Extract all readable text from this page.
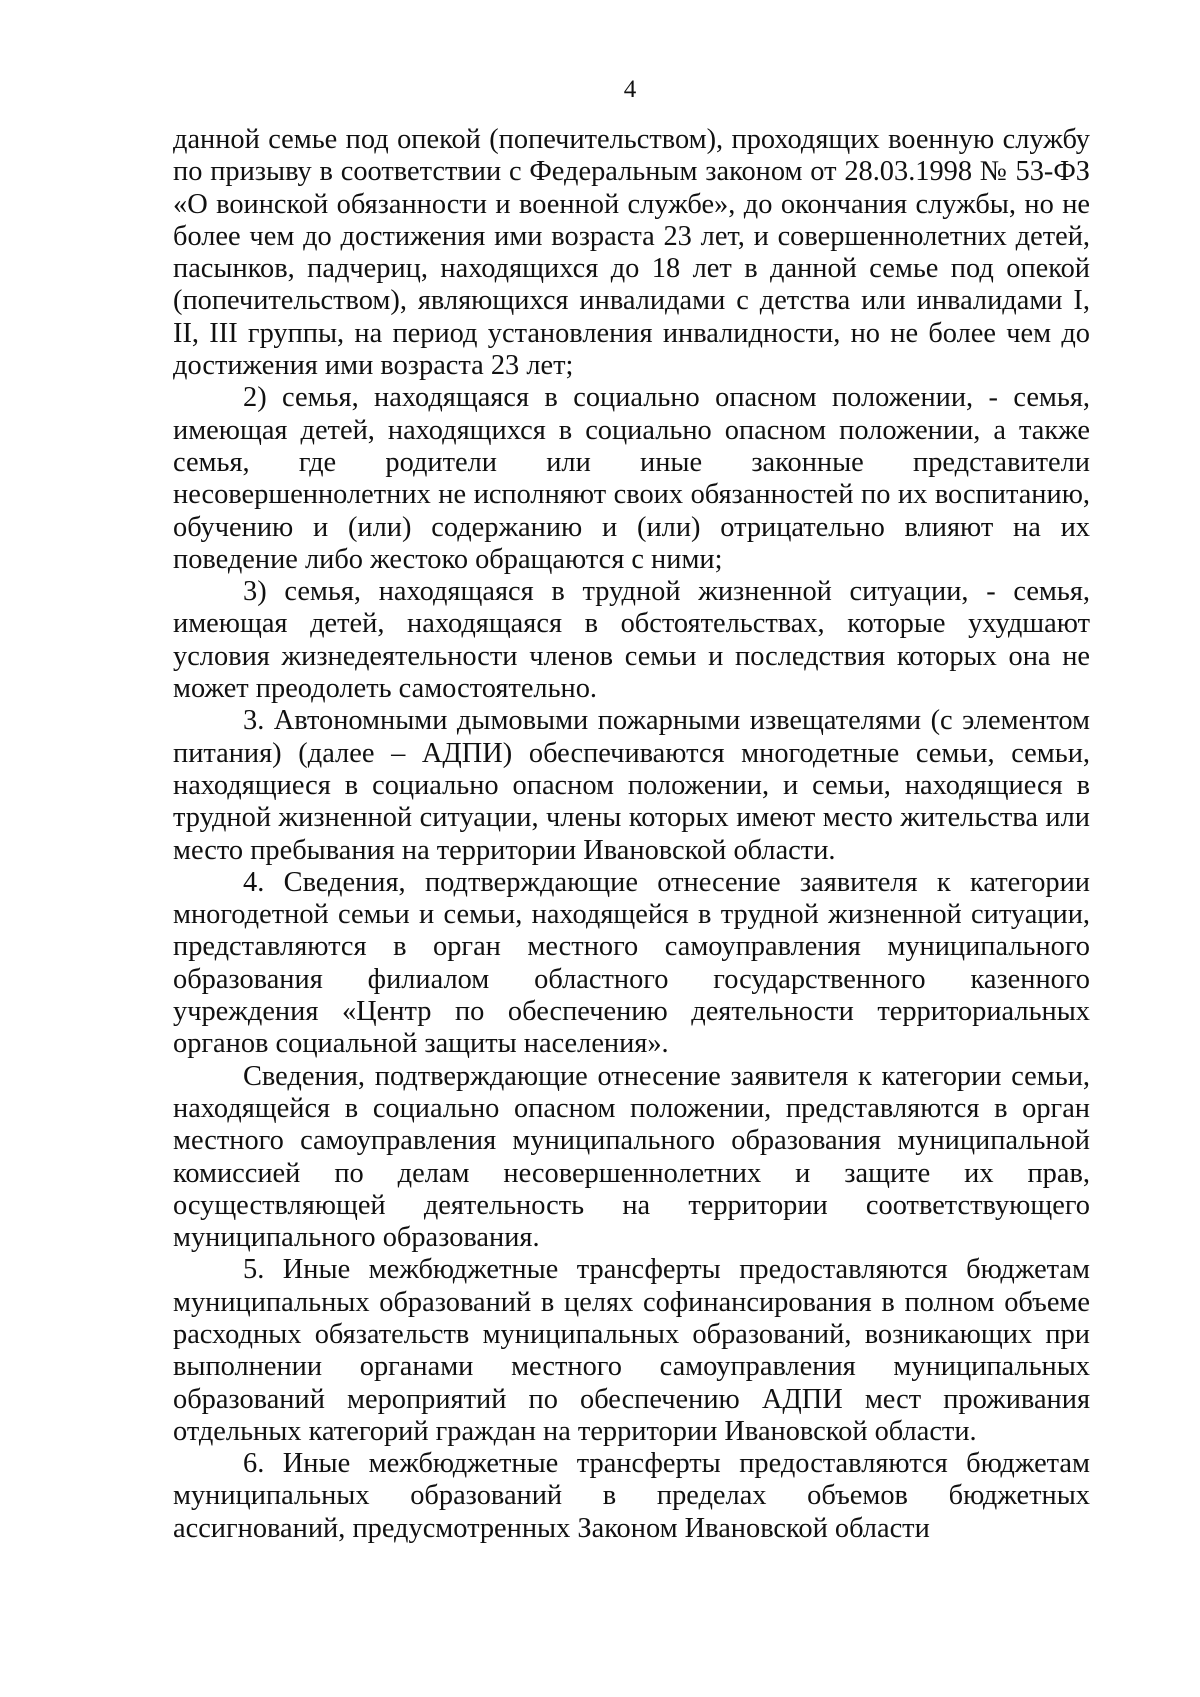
4

данной семье под опекой (попечительством), проходящих военную службу по призыву в соответствии с Федеральным законом от 28.03.1998 № 53-ФЗ «О воинской обязанности и военной службе», до окончания службы, но не более чем до достижения ими возраста 23 лет, и совершеннолетних детей, пасынков, падчериц, находящихся до 18 лет в данной семье под опекой (попечительством), являющихся инвалидами с детства или инвалидами I, II, III группы, на период установления инвалидности, но не более чем до достижения ими возраста 23 лет;

2) семья, находящаяся в социально опасном положении, - семья, имеющая детей, находящихся в социально опасном положении, а также семья, где родители или иные законные представители несовершеннолетних не исполняют своих обязанностей по их воспитанию, обучению и (или) содержанию и (или) отрицательно влияют на их поведение либо жестоко обращаются с ними;

3) семья, находящаяся в трудной жизненной ситуации, - семья, имеющая детей, находящаяся в обстоятельствах, которые ухудшают условия жизнедеятельности членов семьи и последствия которых она не может преодолеть самостоятельно.

3. Автономными дымовыми пожарными извещателями (с элементом питания) (далее – АДПИ) обеспечиваются многодетные семьи, семьи, находящиеся в социально опасном положении, и семьи, находящиеся в трудной жизненной ситуации, члены которых имеют место жительства или место пребывания на территории Ивановской области.

4. Сведения, подтверждающие отнесение заявителя к категории многодетной семьи и семьи, находящейся в трудной жизненной ситуации, представляются в орган местного самоуправления муниципального образования филиалом областного государственного казенного учреждения «Центр по обеспечению деятельности территориальных органов социальной защиты населения».

Сведения, подтверждающие отнесение заявителя к категории семьи, находящейся в социально опасном положении, представляются в орган местного самоуправления муниципального образования муниципальной комиссией по делам несовершеннолетних и защите их прав, осуществляющей деятельность на территории соответствующего муниципального образования.

5. Иные межбюджетные трансферты предоставляются бюджетам муниципальных образований в целях софинансирования в полном объеме расходных обязательств муниципальных образований, возникающих при выполнении органами местного самоуправления муниципальных образований мероприятий по обеспечению АДПИ мест проживания отдельных категорий граждан на территории Ивановской области.

6. Иные межбюджетные трансферты предоставляются бюджетам муниципальных образований в пределах объемов бюджетных ассигнований, предусмотренных Законом Ивановской области
